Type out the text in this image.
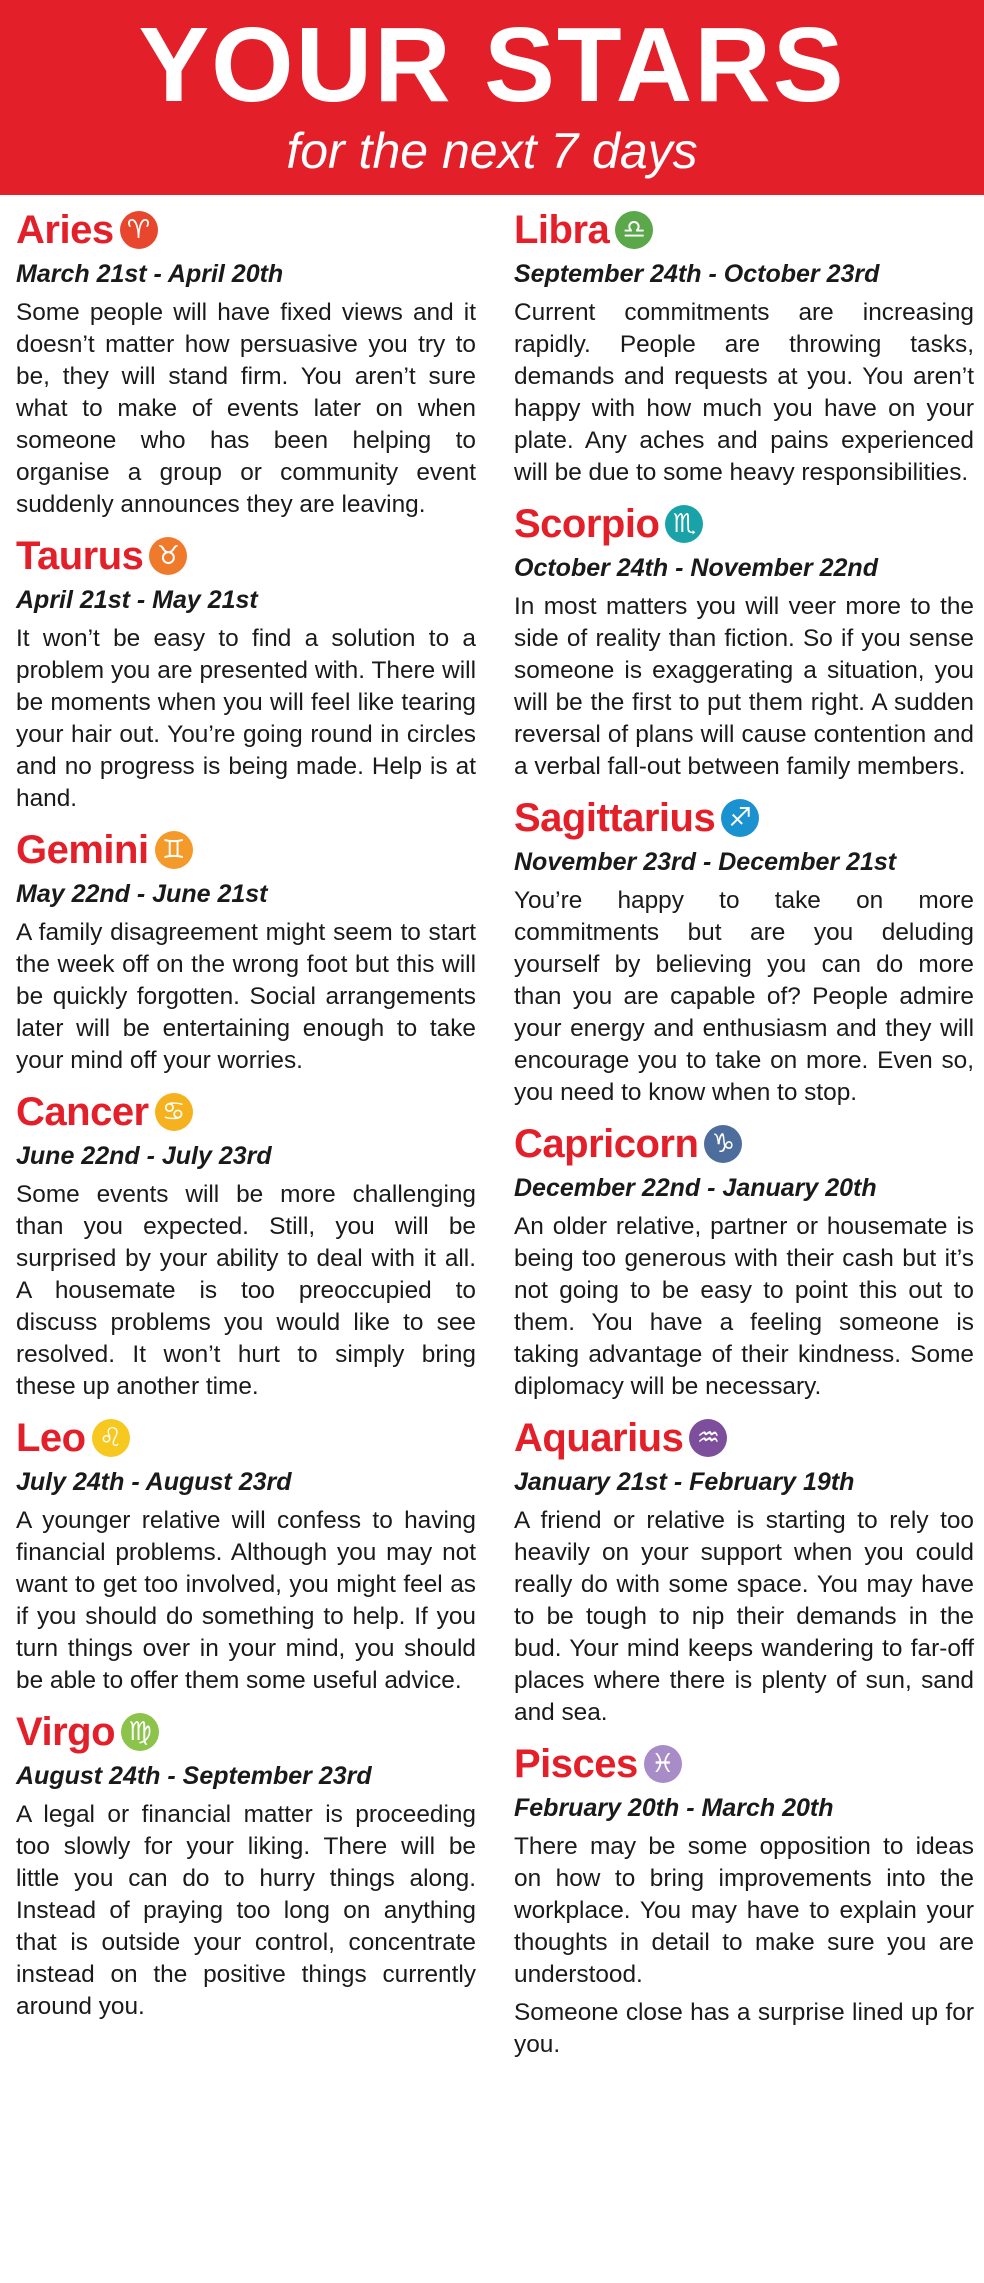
YOUR STARS
for the next 7 days
Aries ♈
March 21st - April 20th

Some people will have fixed views and it doesn’t matter how persuasive you try to be, they will stand firm. You aren’t sure what to make of events later on when someone who has been helping to organise a group or community event suddenly announces they are leaving.

Taurus ♉
April 21st - May 21st

It won’t be easy to find a solution to a problem you are presented with. There will be moments when you will feel like tearing your hair out. You’re going round in circles and no progress is being made. Help is at hand.

Gemini ♊
May 22nd - June 21st

A family disagreement might seem to start the week off on the wrong foot but this will be quickly forgotten. Social arrangements later will be entertaining enough to take your mind off your worries.

Cancer ♋
June 22nd - July 23rd

Some events will be more challenging than you expected. Still, you will be surprised by your ability to deal with it all. A housemate is too preoccupied to discuss problems you would like to see resolved. It won’t hurt to simply bring these up another time.

Leo ♌
July 24th - August 23rd

A younger relative will confess to having financial problems. Although you may not want to get too involved, you might feel as if you should do something to help. If you turn things over in your mind, you should be able to offer them some useful advice.

Virgo ♍
August 24th - September 23rd

A legal or financial matter is proceeding too slowly for your liking. There will be little you can do to hurry things along. Instead of praying too long on anything that is outside your control, concentrate instead on the positive things currently around you.

Libra ♎
September 24th - October 23rd

Current commitments are increasing rapidly. People are throwing tasks, demands and requests at you. You aren’t happy with how much you have on your plate. Any aches and pains experienced will be due to some heavy responsibilities.

Scorpio ♏
October 24th - November 22nd

In most matters you will veer more to the side of reality than fiction. So if you sense someone is exaggerating a situation, you will be the first to put them right. A sudden reversal of plans will cause contention and a verbal fall-out between family members.

Sagittarius ♐
November 23rd - December 21st

You’re happy to take on more commitments but are you deluding yourself by believing you can do more than you are capable of? People admire your energy and enthusiasm and they will encourage you to take on more. Even so, you need to know when to stop.

Capricorn ♑
December 22nd - January 20th

An older relative, partner or housemate is being too generous with their cash but it’s not going to be easy to point this out to them. You have a feeling someone is taking advantage of their kindness. Some diplomacy will be necessary.

Aquarius ♒
January 21st - February 19th

A friend or relative is starting to rely too heavily on your support when you could really do with some space. You may have to be tough to nip their demands in the bud. Your mind keeps wandering to far-off places where there is plenty of sun, sand and sea.

Pisces ♓
February 20th - March 20th

There may be some opposition to ideas on how to bring improvements into the workplace. You may have to explain your thoughts in detail to make sure you are understood.

Someone close has a surprise lined up for you.
